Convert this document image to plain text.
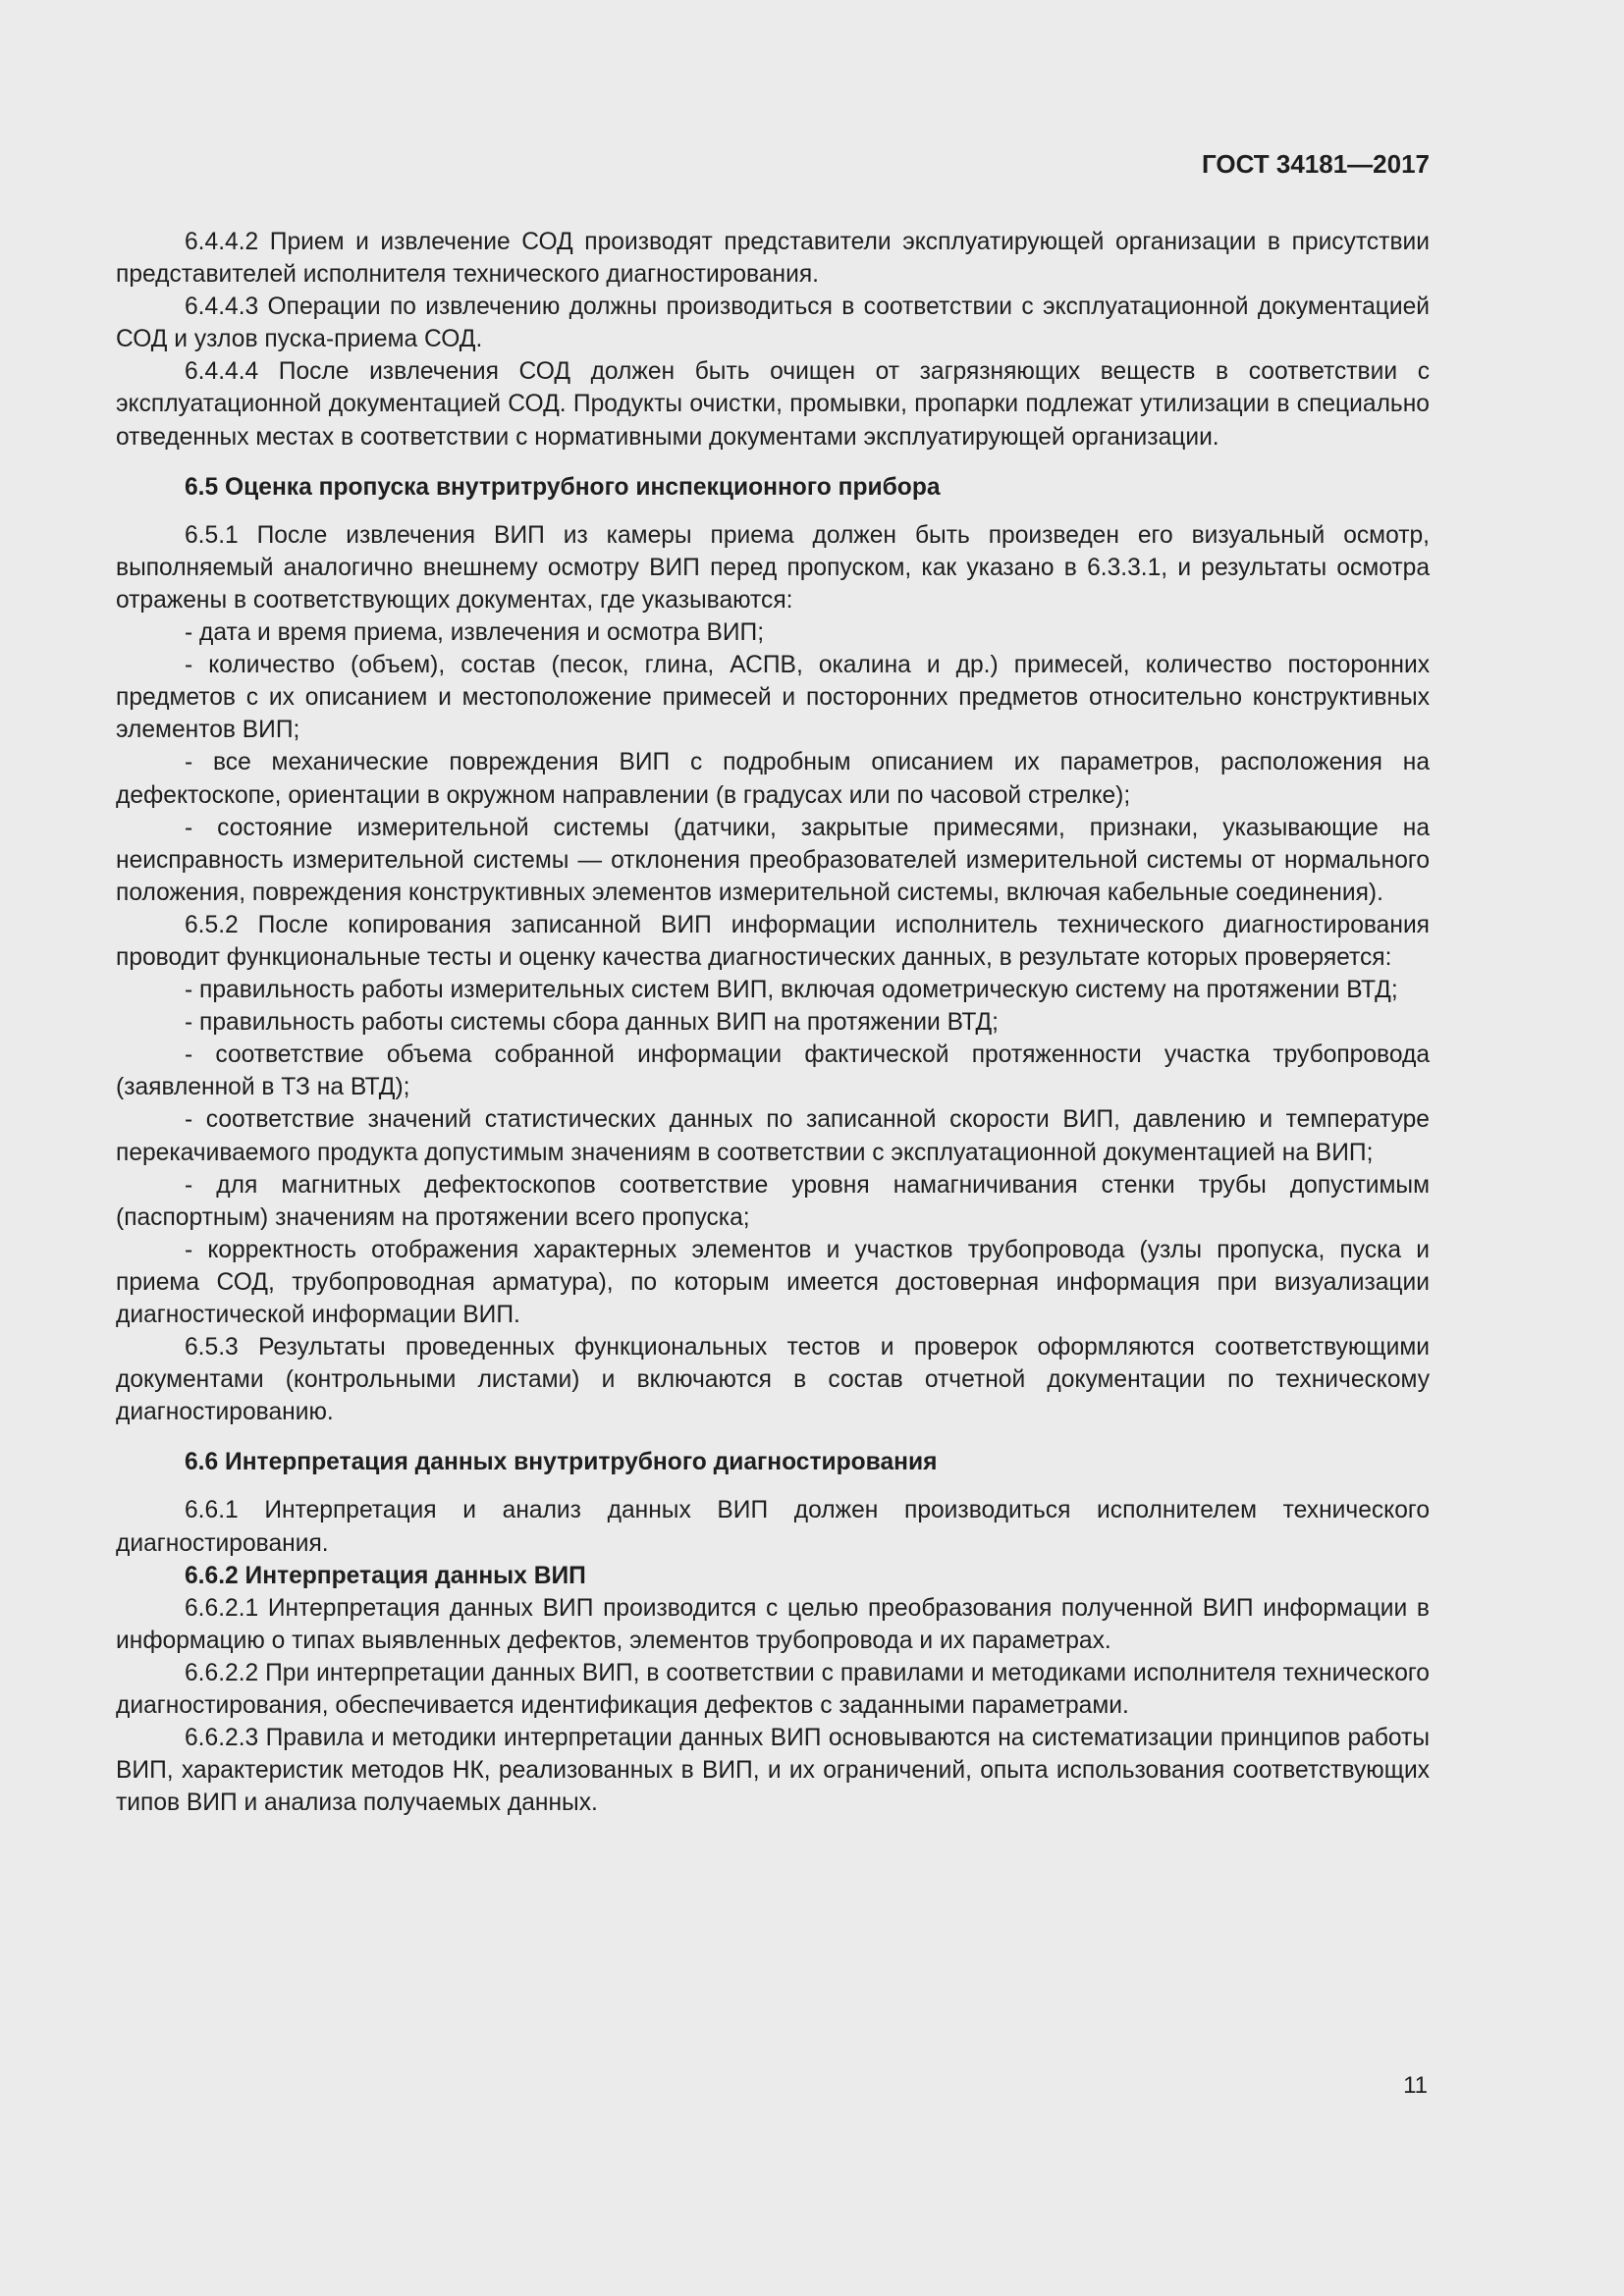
ГОСТ 34181—2017

6.4.4.2 Прием и извлечение СОД производят представители эксплуатирующей организации в присутствии представителей исполнителя технического диагностирования.

6.4.4.3 Операции по извлечению должны производиться в соответствии с эксплуатационной документацией СОД и узлов пуска-приема СОД.

6.4.4.4 После извлечения СОД должен быть очищен от загрязняющих веществ в соответствии с эксплуатационной документацией СОД. Продукты очистки, промывки, пропарки подлежат утилизации в специально отведенных местах в соответствии с нормативными документами эксплуатирующей организации.

6.5 Оценка пропуска внутритрубного инспекционного прибора

6.5.1 После извлечения ВИП из камеры приема должен быть произведен его визуальный осмотр, выполняемый аналогично внешнему осмотру ВИП перед пропуском, как указано в 6.3.3.1, и результаты осмотра отражены в соответствующих документах, где указываются:

- дата и время приема, извлечения и осмотра ВИП;

- количество (объем), состав (песок, глина, АСПВ, окалина и др.) примесей, количество посторонних предметов с их описанием и местоположение примесей и посторонних предметов относительно конструктивных элементов ВИП;

- все механические повреждения ВИП с подробным описанием их параметров, расположения на дефектоскопе, ориентации в окружном направлении (в градусах или по часовой стрелке);

- состояние измерительной системы (датчики, закрытые примесями, признаки, указывающие на неисправность измерительной системы — отклонения преобразователей измерительной системы от нормального положения, повреждения конструктивных элементов измерительной системы, включая кабельные соединения).

6.5.2 После копирования записанной ВИП информации исполнитель технического диагностирования проводит функциональные тесты и оценку качества диагностических данных, в результате которых проверяется:

- правильность работы измерительных систем ВИП, включая одометрическую систему на протяжении ВТД;

- правильность работы системы сбора данных ВИП на протяжении ВТД;

- соответствие объема собранной информации фактической протяженности участка трубопровода (заявленной в ТЗ на ВТД);

- соответствие значений статистических данных по записанной скорости ВИП, давлению и температуре перекачиваемого продукта допустимым значениям в соответствии с эксплуатационной документацией на ВИП;

- для магнитных дефектоскопов соответствие уровня намагничивания стенки трубы допустимым (паспортным) значениям на протяжении всего пропуска;

- корректность отображения характерных элементов и участков трубопровода (узлы пропуска, пуска и приема СОД, трубопроводная арматура), по которым имеется достоверная информация при визуализации диагностической информации ВИП.

6.5.3 Результаты проведенных функциональных тестов и проверок оформляются соответствующими документами (контрольными листами) и включаются в состав отчетной документации по техническому диагностированию.

6.6 Интерпретация данных внутритрубного диагностирования

6.6.1 Интерпретация и анализ данных ВИП должен производиться исполнителем технического диагностирования.

6.6.2 Интерпретация данных ВИП

6.6.2.1 Интерпретация данных ВИП производится с целью преобразования полученной ВИП информации в информацию о типах выявленных дефектов, элементов трубопровода и их параметрах.

6.6.2.2 При интерпретации данных ВИП, в соответствии с правилами и методиками исполнителя технического диагностирования, обеспечивается идентификация дефектов с заданными параметрами.

6.6.2.3 Правила и методики интерпретации данных ВИП основываются на систематизации принципов работы ВИП, характеристик методов НК, реализованных в ВИП, и их ограничений, опыта использования соответствующих типов ВИП и анализа получаемых данных.

11
